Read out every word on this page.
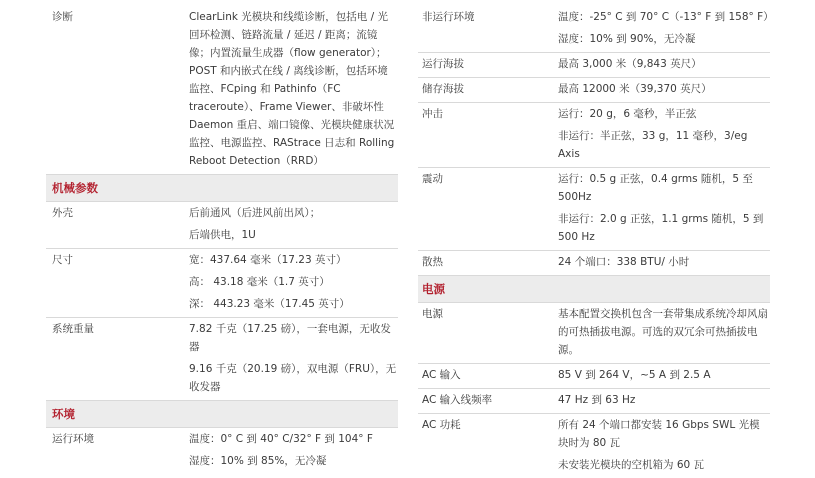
诊断	ClearLink 光模块和线缆诊断，包括电 / 光回环检测、链路流量 / 延迟 / 距离；流镜像；内置流量生成器（flow generator）；POST 和内嵌式在线 / 离线诊断，包括环境监控、FCping 和 Pathinfo（FC traceroute）、Frame Viewer、非破坏性 Daemon 重启、端口镜像、光模块健康状况监控、电源监控、RAStrace 日志和 Rolling Reboot Detection（RRD）
机械参数
外壳	后前通风（后进风前出风）；
后端供电，1U
尺寸	宽：437.64 毫米（17.23 英寸）
高： 43.18 毫米（1.7 英寸）
深： 443.23 毫米（17.45 英寸）
系统重量	7.82 千克（17.25 磅），一套电源，无收发器
9.16 千克（20.19 磅），双电源（FRU），无收发器
环境
运行环境	温度：0° C 到 40° C/32° F 到 104° F
湿度：10% 到 85%，无冷凝
非运行环境	温度：-25° C 到 70° C（-13° F 到 158° F）
湿度：10% 到 90%，无冷凝
运行海拔	最高 3,000 米（9,843 英尺）
储存海拔	最高 12000 米（39,370 英尺）
冲击	运行：20 g，6 毫秒，半正弦
非运行：半正弦，33 g，11 毫秒，3/eg Axis
震动	运行：0.5 g 正弦，0.4 grms 随机，5 至 500Hz
非运行：2.0 g 正弦，1.1 grms 随机，5 到 500 Hz
散热	24 个端口：338 BTU/ 小时
电源
电源	基本配置交换机包含一套带集成系统冷却风扇的可热插拔电源。可选的双冗余可热插拔电源。
AC 输入	85 V 到 264 V，~5 A 到 2.5 A
AC 输入线频率	47 Hz 到 63 Hz
AC 功耗	所有 24 个端口都安装 16 Gbps SWL 光模块时为 80 瓦
未安装光模块的空机箱为 60 瓦
